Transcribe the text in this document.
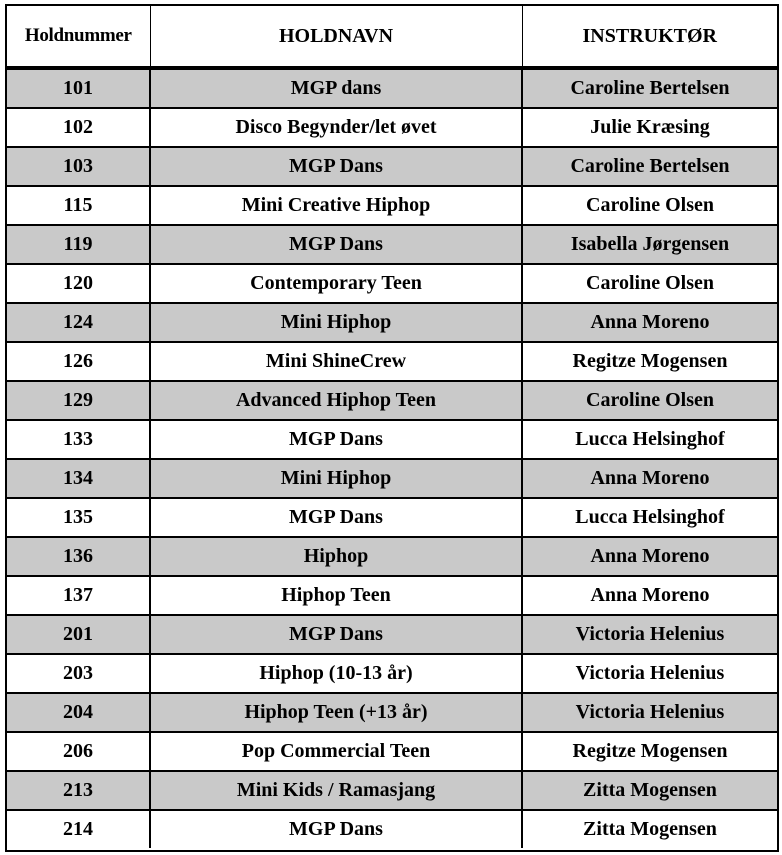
Holdnummer	HOLDNAVN	INSTRUKTØR
101	MGP dans	Caroline Bertelsen
102	Disco Begynder/let øvet	Julie Kræsing
103	MGP Dans	Caroline Bertelsen
115	Mini Creative Hiphop	Caroline Olsen
119	MGP Dans	Isabella Jørgensen
120	Contemporary Teen	Caroline Olsen
124	Mini Hiphop	Anna Moreno
126	Mini ShineCrew	Regitze Mogensen
129	Advanced Hiphop Teen	Caroline Olsen
133	MGP Dans	Lucca Helsinghof
134	Mini Hiphop	Anna Moreno
135	MGP Dans	Lucca Helsinghof
136	Hiphop	Anna Moreno
137	Hiphop Teen	Anna Moreno
201	MGP Dans	Victoria Helenius
203	Hiphop (10-13 år)	Victoria Helenius
204	Hiphop Teen (+13 år)	Victoria Helenius
206	Pop Commercial Teen	Regitze Mogensen
213	Mini Kids / Ramasjang	Zitta Mogensen
214	MGP Dans	Zitta Mogensen
